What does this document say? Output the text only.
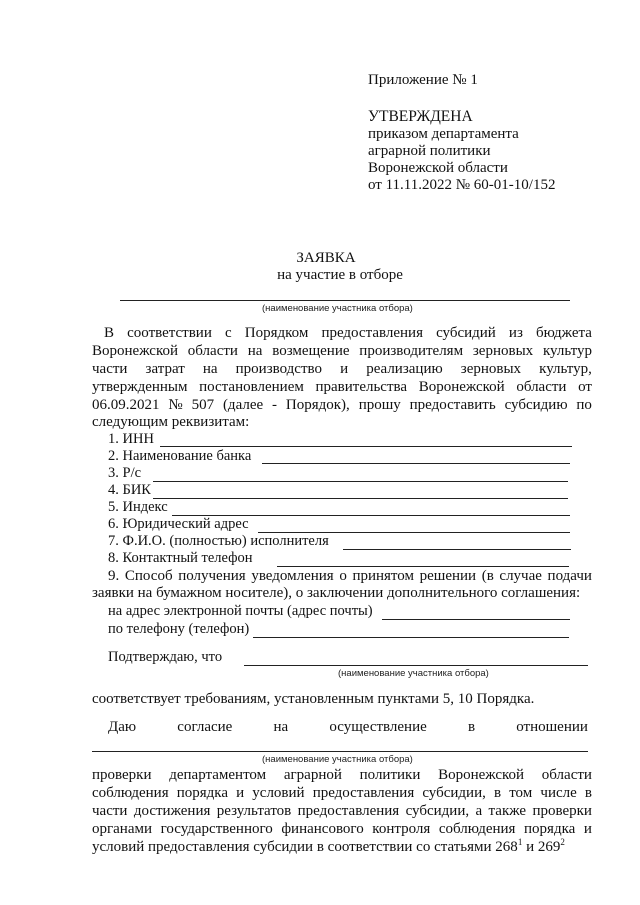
Приложение № 1
УТВЕРЖДЕНА
приказом департамента
аграрной политики
Воронежской области
от 11.11.2022 № 60-01-10/152
ЗАЯВКА
на участие в отборе
(наименование участника отбора)
В соответствии с Порядком предоставления субсидий из бюджета
Воронежской области на возмещение производителям зерновых культур
части затрат на производство и реализацию зерновых культур,
утвержденным постановлением правительства Воронежской области от
06.09.2021 № 507 (далее - Порядок), прошу предоставить субсидию по
следующим реквизитам:
1. ИНН
2. Наименование банка
3. Р/с
4. БИК
5. Индекс
6. Юридический адрес
7. Ф.И.О. (полностью) исполнителя
8. Контактный телефон
9. Способ получения уведомления о принятом решении (в случае подачи
заявки на бумажном носителе), о заключении дополнительного соглашения:
на адрес электронной почты (адрес почты)
по телефону (телефон)
Подтверждаю, что
(наименование участника отбора)
соответствует требованиям, установленным пунктами 5, 10 Порядка.
Даю	согласие	на	осуществление	в	отношении
(наименование участника отбора)
проверки департаментом аграрной политики Воронежской области
соблюдения порядка и условий предоставления субсидии, в том числе в
части достижения результатов предоставления субсидии, а также проверки
органами государственного финансового контроля соблюдения порядка и
условий предоставления субсидии в соответствии со статьями $268^1$ и $269^2$
